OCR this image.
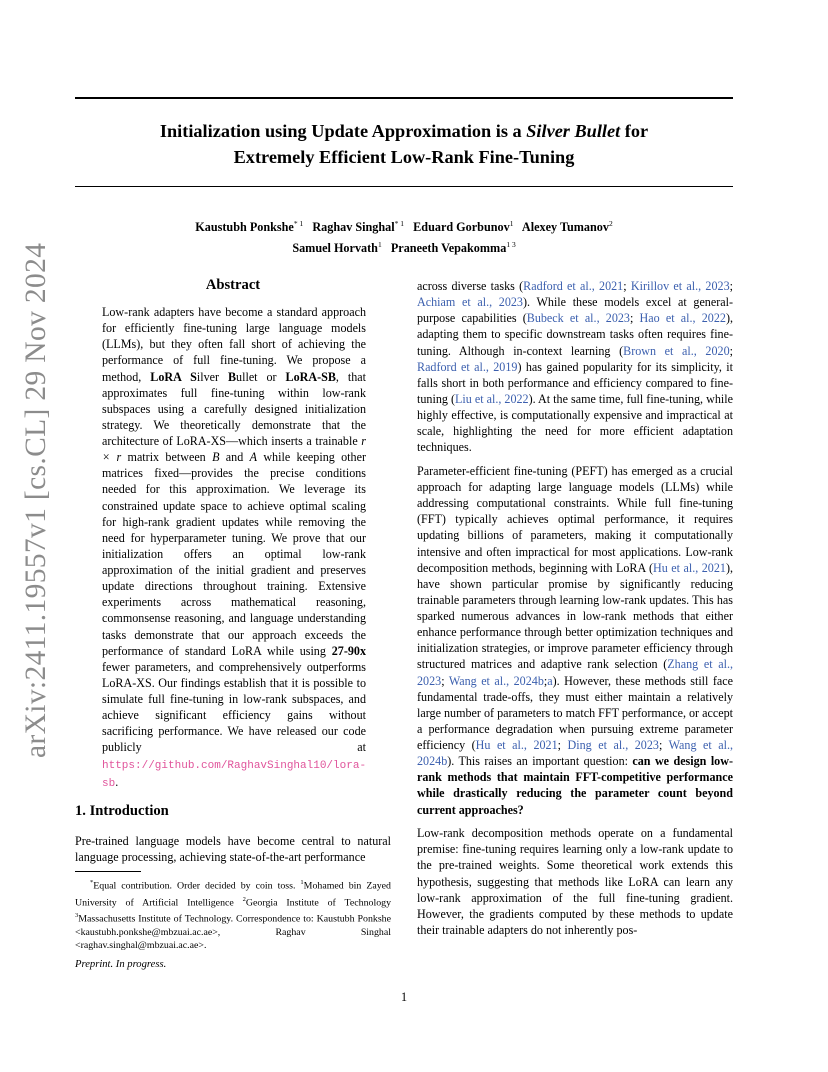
arXiv:2411.19557v1 [cs.CL] 29 Nov 2024
Initialization using Update Approximation is a Silver Bullet for
Extremely Efficient Low-Rank Fine-Tuning
Kaustubh Ponkshe$^{* 1}$ Raghav Singhal$^{* 1}$ Eduard Gorbunov$^1$ Alexey Tumanov$^2$
Samuel Horvath$^1$ Praneeth Vepakomma$^{1 3}$
Abstract
Low-rank adapters have become a standard approach for efficiently fine-tuning large language models (LLMs), but they often fall short of achieving the performance of full fine-tuning. We propose a method, LoRA Silver Bullet or LoRA-SB, that approximates full fine-tuning within low-rank subspaces using a carefully designed initialization strategy. We theoretically demonstrate that the architecture of LoRA-XS—which inserts a trainable r × r matrix between B and A while keeping other matrices fixed—provides the precise conditions needed for this approximation. We leverage its constrained update space to achieve optimal scaling for high-rank gradient updates while removing the need for hyperparameter tuning. We prove that our initialization offers an optimal low-rank approximation of the initial gradient and preserves update directions throughout training. Extensive experiments across mathematical reasoning, commonsense reasoning, and language understanding tasks demonstrate that our approach exceeds the performance of standard LoRA while using 27-90x fewer parameters, and comprehensively outperforms LoRA-XS. Our findings establish that it is possible to simulate full fine-tuning in low-rank subspaces, and achieve significant efficiency gains without sacrificing performance. We have released our code publicly at https://github.com/RaghavSinghal10/lora-sb.
1. Introduction
Pre-trained language models have become central to natural language processing, achieving state-of-the-art performance
*Equal contribution. Order decided by coin toss. $^1$Mohamed bin Zayed University of Artificial Intelligence $^2$Georgia Institute of Technology $^3$Massachusetts Institute of Technology. Correspondence to: Kaustubh Ponkshe <kaustubh.ponkshe@mbzuai.ac.ae>, Raghav Singhal <raghav.singhal@mbzuai.ac.ae>.
Preprint. In progress.

across diverse tasks (Radford et al., 2021; Kirillov et al., 2023; Achiam et al., 2023). While these models excel at general-purpose capabilities (Bubeck et al., 2023; Hao et al., 2022), adapting them to specific downstream tasks often requires fine-tuning. Although in-context learning (Brown et al., 2020; Radford et al., 2019) has gained popularity for its simplicity, it falls short in both performance and efficiency compared to fine-tuning (Liu et al., 2022). At the same time, full fine-tuning, while highly effective, is computationally expensive and impractical at scale, highlighting the need for more efficient adaptation techniques.

Parameter-efficient fine-tuning (PEFT) has emerged as a crucial approach for adapting large language models (LLMs) while addressing computational constraints. While full fine-tuning (FFT) typically achieves optimal performance, it requires updating billions of parameters, making it computationally intensive and often impractical for most applications. Low-rank decomposition methods, beginning with LoRA (Hu et al., 2021), have shown particular promise by significantly reducing trainable parameters through learning low-rank updates. This has sparked numerous advances in low-rank methods that either enhance performance through better optimization techniques and initialization strategies, or improve parameter efficiency through structured matrices and adaptive rank selection (Zhang et al., 2023; Wang et al., 2024b;a). However, these methods still face fundamental trade-offs, they must either maintain a relatively large number of parameters to match FFT performance, or accept a performance degradation when pursuing extreme parameter efficiency (Hu et al., 2021; Ding et al., 2023; Wang et al., 2024b). This raises an important question: can we design low-rank methods that maintain FFT-competitive performance while drastically reducing the parameter count beyond current approaches?

Low-rank decomposition methods operate on a fundamental premise: fine-tuning requires learning only a low-rank update to the pre-trained weights. Some theoretical work extends this hypothesis, suggesting that methods like LoRA can learn any low-rank approximation of the full fine-tuning gradient. However, the gradients computed by these methods to update their trainable adapters do not inherently pos-

1
